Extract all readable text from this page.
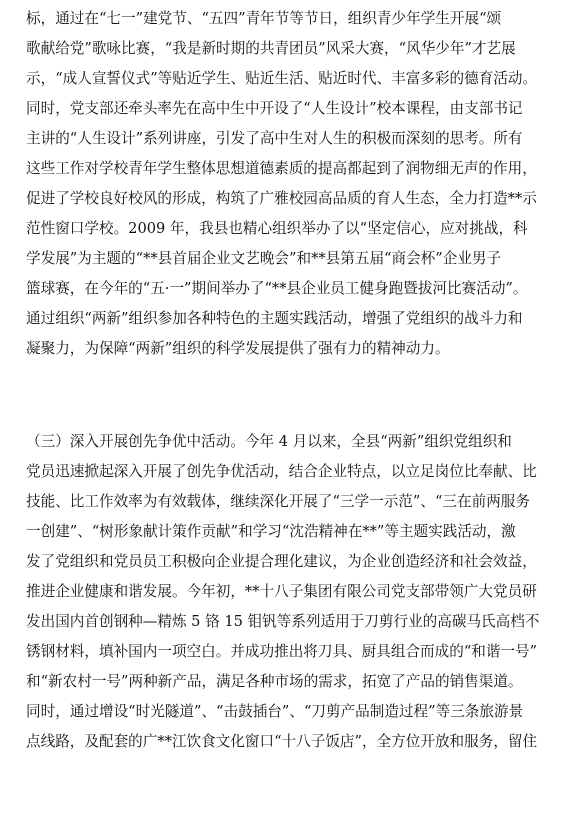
标，通过在“七一”建党节、“五四”青年节等节日，组织青少年学生开展“颂
歌献给党”歌咏比赛，“我是新时期的共青团员”风采大赛，“风华少年”才艺展
示，“成人宣誓仪式”等贴近学生、贴近生活、贴近时代、丰富多彩的德育活动。
同时，党支部还牵头率先在高中生中开设了“人生设计”校本课程，由支部书记
主讲的“人生设计”系列讲座，引发了高中生对人生的积极而深刻的思考。所有
这些工作对学校青年学生整体思想道德素质的提高都起到了润物细无声的作用，
促进了学校良好校风的形成，构筑了广雅校园高品质的育人生态，全力打造**示
范性窗口学校。2009 年，我县也精心组织举办了以“坚定信心，应对挑战，科
学发展”为主题的“**县首届企业文艺晚会”和**县第五届“商会杯”企业男子
篮球赛，在今年的“五·一”期间举办了“**县企业员工健身跑暨拔河比赛活动”。
通过组织“两新”组织参加各种特色的主题实践活动，增强了党组织的战斗力和
凝聚力，为保障“两新”组织的科学发展提供了强有力的精神动力。
（三）深入开展创先争优中活动。今年 4 月以来，全县“两新”组织党组织和
党员迅速掀起深入开展了创先争优活动，结合企业特点，以立足岗位比奉献、比
技能、比工作效率为有效载体，继续深化开展了“三学一示范”、“三在前两服务
一创建”、“树形象献计策作贡献”和学习“沈浩精神在**”等主题实践活动，激
发了党组织和党员员工积极向企业提合理化建议，为企业创造经济和社会效益，
推进企业健康和谐发展。今年初，**十八子集团有限公司党支部带领广大党员研
发出国内首创钢种—精炼 5 铬 15 钼钒等系列适用于刀剪行业的高碳马氏高档不
锈钢材料，填补国内一项空白。并成功推出将刀具、厨具组合而成的“和谐一号”
和“新农村一号”两种新产品，满足各种市场的需求，拓宽了产品的销售渠道。
同时，通过增设“时光隧道”、“击鼓插台”、“刀剪产品制造过程”等三条旅游景
点线路，及配套的广**江饮食文化窗口“十八子饭店”，全方位开放和服务，留住
